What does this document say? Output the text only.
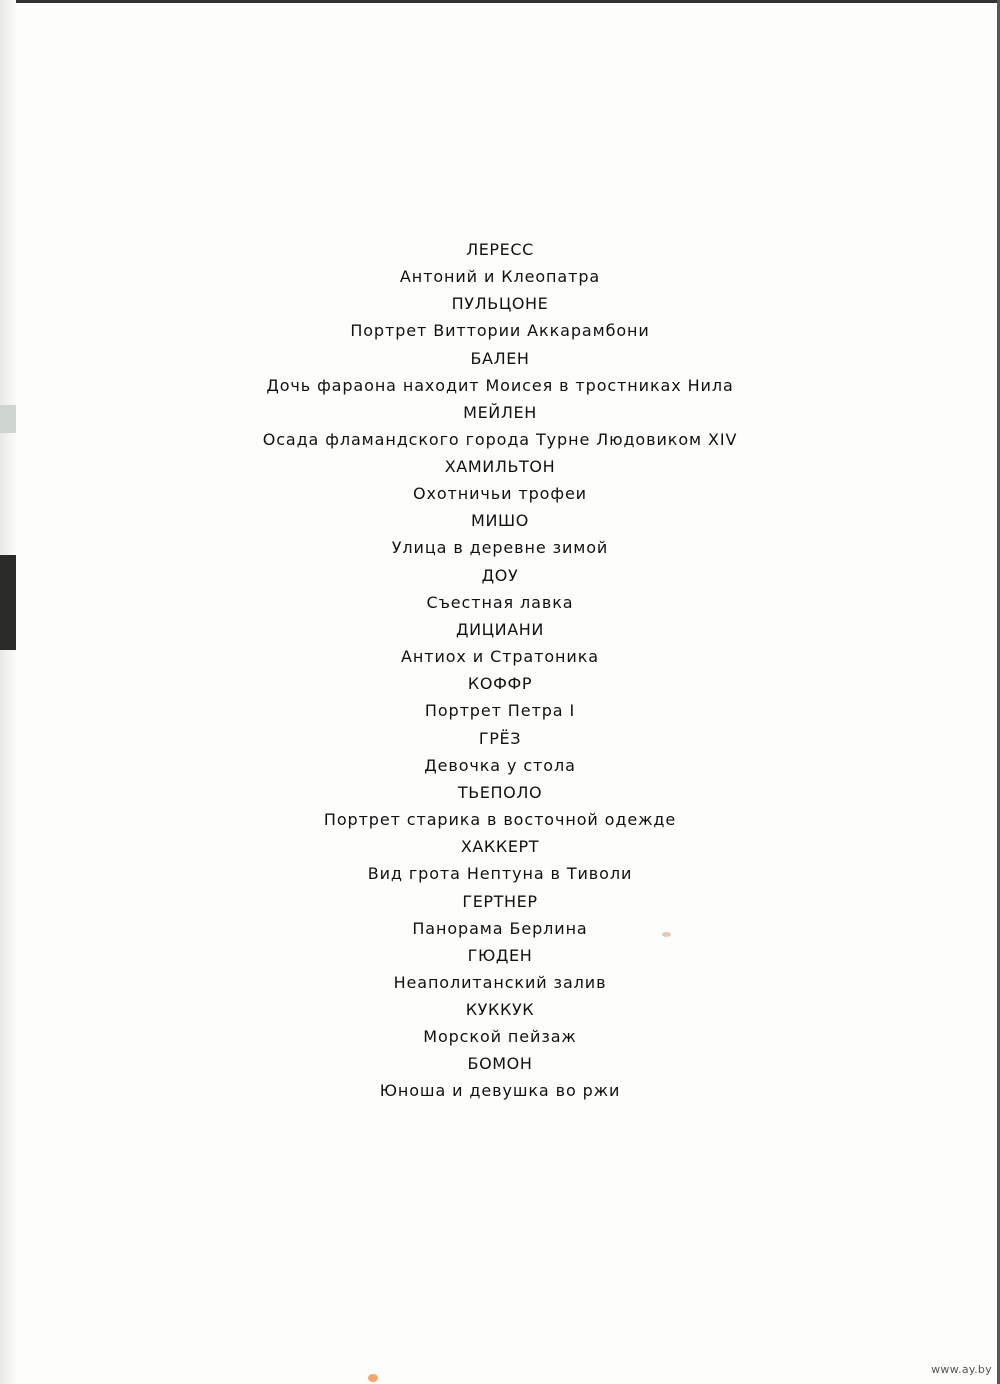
ЛЕРЕСС
Антоний и Клеопатра
ПУЛЬЦОНЕ
Портрет Виттории Аккарамбони
БАЛЕН
Дочь фараона находит Моисея в тростниках Нила
МЕЙЛЕН
Осада фламандского города Турне Людовиком XIV
ХАМИЛЬТОН
Охотничьи трофеи
МИШО
Улица в деревне зимой
ДОУ
Съестная лавка
ДИЦИАНИ
Антиох и Стратоника
КОФФР
Портрет Петра I
ГРЁЗ
Девочка у стола
ТЬЕПОЛО
Портрет старика в восточной одежде
ХАККЕРТ
Вид грота Нептуна в Тиволи
ГЕРТНЕР
Панорама Берлина
ГЮДЕН
Неаполитанский залив
КУККУК
Морской пейзаж
БОМОН
Юноша и девушка во ржи
www.ay.by
